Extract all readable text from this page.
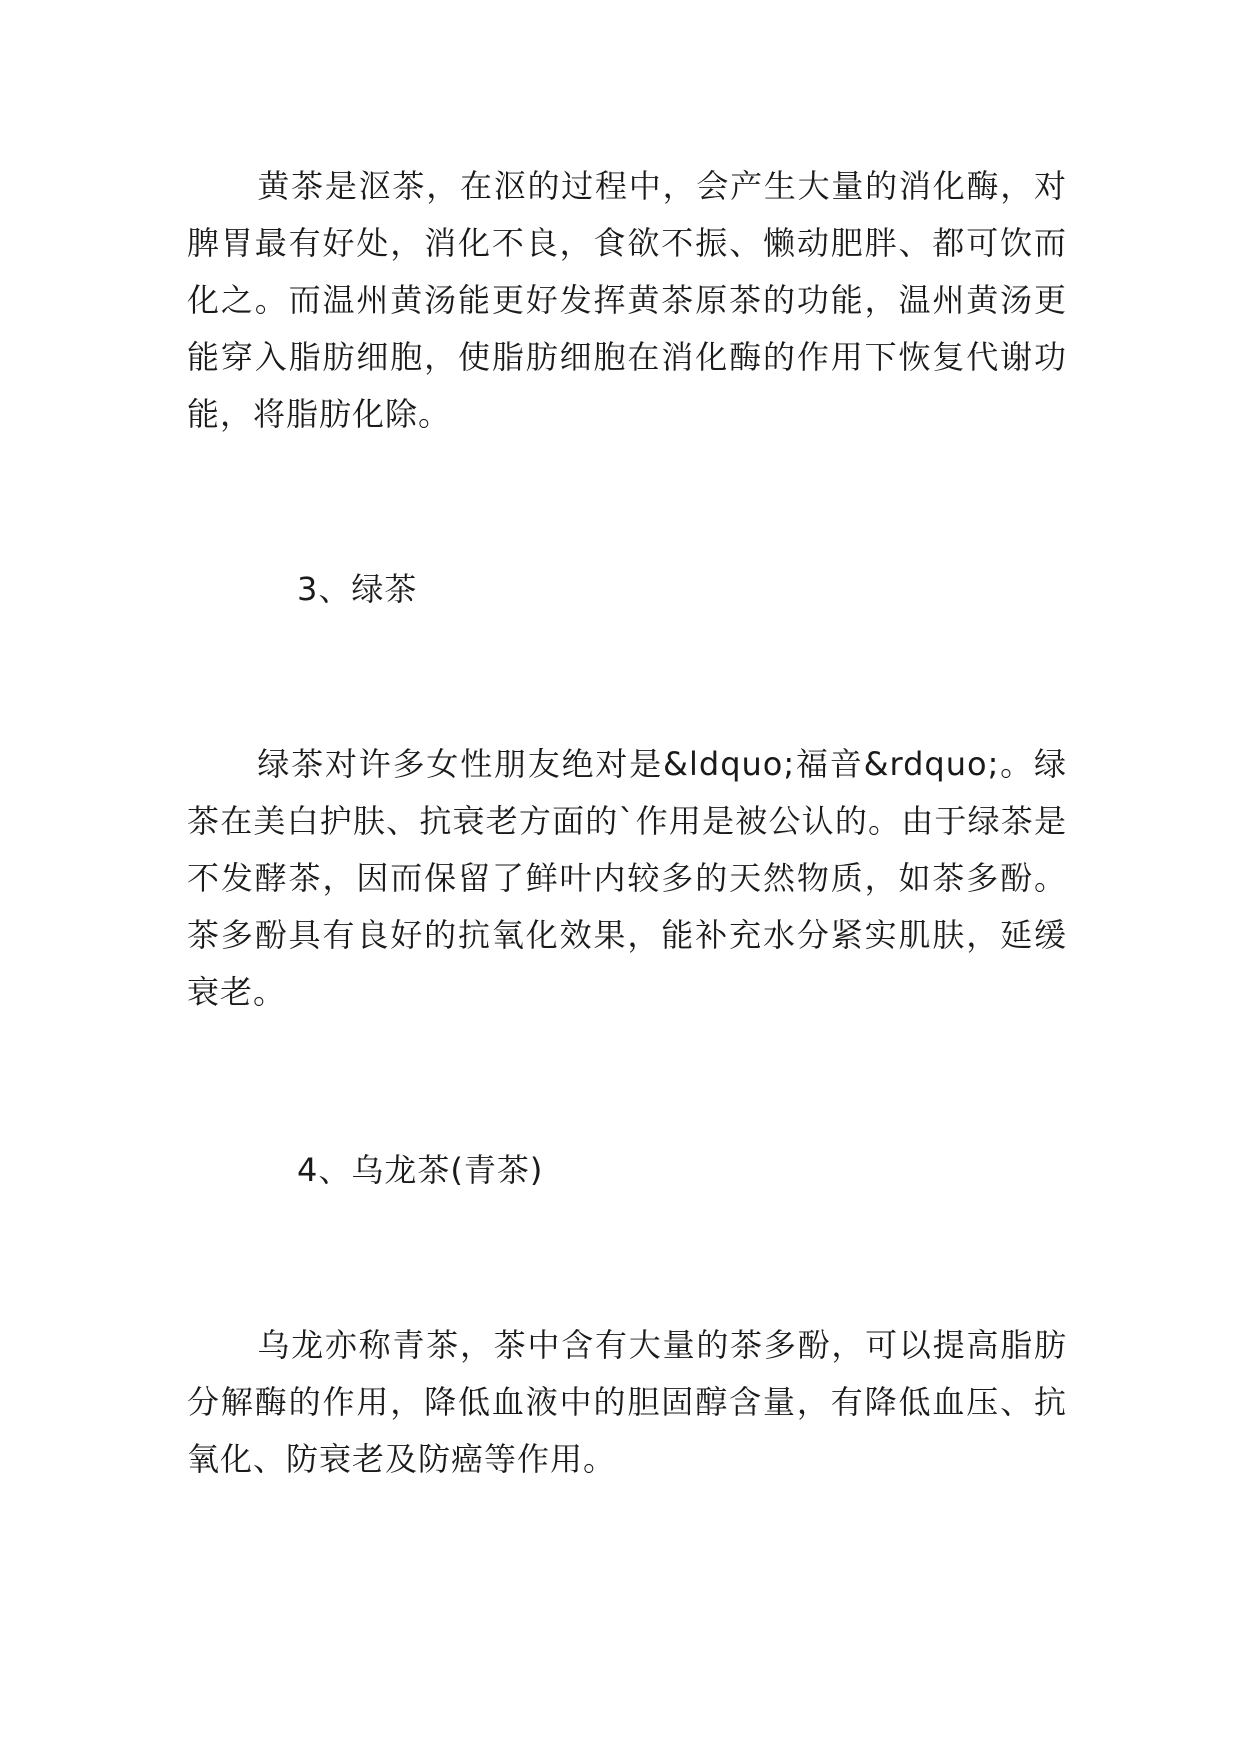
黄茶是沤茶，在沤的过程中，会产生大量的消化酶，对脾胃最有好处，消化不良，食欲不振、懒动肥胖、都可饮而化之。而温州黄汤能更好发挥黄茶原茶的功能，温州黄汤更能穿入脂肪细胞，使脂肪细胞在消化酶的作用下恢复代谢功能，将脂肪化除。

3、绿茶

绿茶对许多女性朋友绝对是&ldquo;福音&rdquo;。绿茶在美白护肤、抗衰老方面的`作用是被公认的。由于绿茶是不发酵茶，因而保留了鲜叶内较多的天然物质，如茶多酚。茶多酚具有良好的抗氧化效果，能补充水分紧实肌肤，延缓衰老。

4、乌龙茶(青茶)

乌龙亦称青茶，茶中含有大量的茶多酚，可以提高脂肪分解酶的作用，降低血液中的胆固醇含量，有降低血压、抗氧化、防衰老及防癌等作用。
